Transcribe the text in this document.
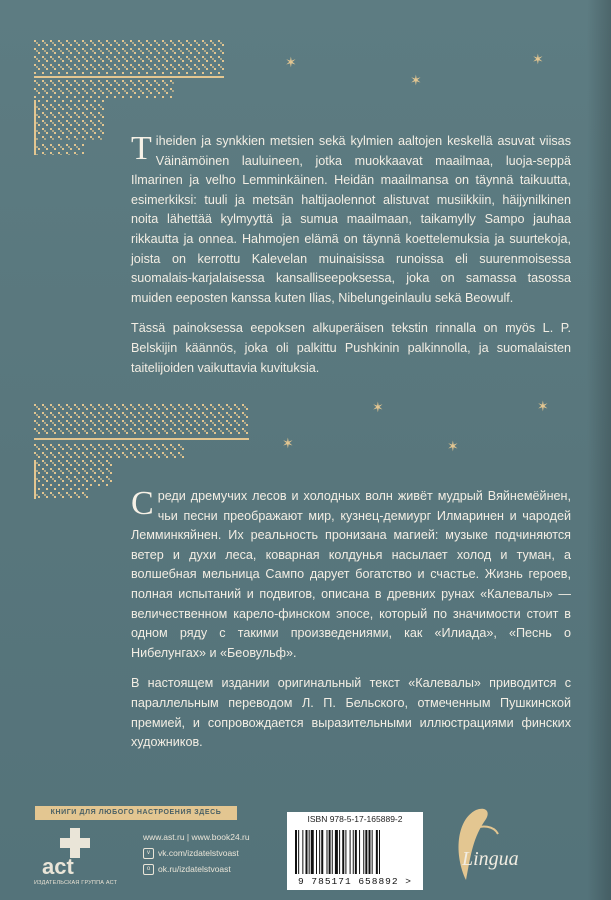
✶
✶
✶
✶	✶
✶	✶

Tiheiden ja synkkien metsien sekä kylmien aaltojen keskellä asuvat viisas Väinämöinen lauluineen, jotka muokkaavat maailmaa, luoja-seppä Ilmarinen ja velho Lemminkäinen. Heidän maailmansa on täynnä taikuutta, esimerkiksi: tuuli ja metsän haltijaolennot alistuvat musiikkiin, häijynilkinen noita lähettää kylmyyttä ja sumua maailmaan, taikamylly Sampo jauhaa rikkautta ja onnea. Hahmojen elämä on täynnä koettelemuksia ja suurtekoja, joista on kerrottu Kalevelan muinaisissa runoissa eli suurenmoisessa suomalais-karjalaisessa kansalliseepoksessa, joka on samassa tasossa muiden eeposten kanssa kuten Ilias, Nibelungeinlaulu sekä Beowulf.

Tässä painoksessa eepoksen alkuperäisen tekstin rinnalla on myös L. P. Belskijin käännös, joka oli palkittu Pushkinin palkinnolla, ja suomalaisten taitelijoiden vaikuttavia kuvituksia.

Среди дремучих лесов и холодных волн живёт мудрый Вяйнемёйнен, чьи песни преображают мир, кузнец-демиург Илмаринен и чародей Лемминкяйнен. Их реальность пронизана магией: музыке подчиняются ветер и духи леса, коварная колдунья насылает холод и туман, а волшебная мельница Сампо дарует богатство и счастье. Жизнь героев, полная испытаний и подвигов, описана в древних рунах «Калевалы» — величественном карело-финском эпосе, который по значимости стоит в одном ряду с такими произведениями, как «Илиада», «Песнь о Нибелунгах» и «Беовульф».

В настоящем издании оригинальный текст «Калевалы» приводится с параллельным переводом Л. П. Бельского, отмеченным Пушкинской премией, и сопровождается выразительными иллюстрациями финских художников.

КНИГИ ДЛЯ ЛЮБОГО НАСТРОЕНИЯ ЗДЕСЬ
act
ИЗДАТЕЛЬСКАЯ ГРУППА АСТ
www.ast.ru | www.book24.ru
v vk.com/izdatelstvoast
o ok.ru/izdatelstvoast
ISBN 978-5-17-165889-2
9 785171 658892 >
Lingua
